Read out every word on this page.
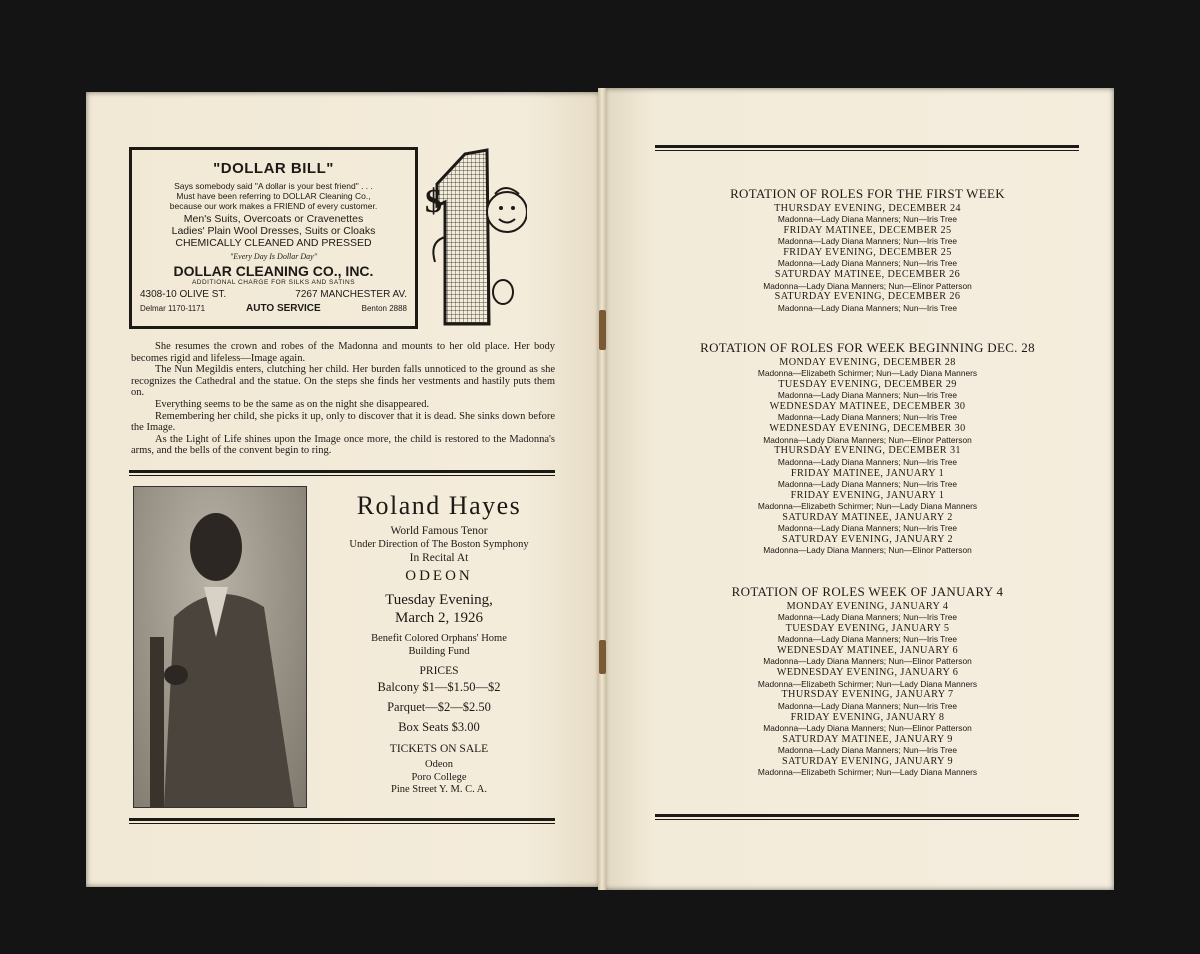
"DOLLAR BILL"
Says somebody said "A dollar is your best friend" . . .
Must have been referring to DOLLAR Cleaning Co.,
because our work makes a FRIEND of every customer.
Men's Suits, Overcoats or Cravenettes
Ladies' Plain Wool Dresses, Suits or Cloaks
CHEMICALLY CLEANED AND PRESSED
"Every Day Is Dollar Day"
DOLLAR CLEANING CO., INC.
ADDITIONAL CHARGE FOR SILKS AND SATINS
4308-10 OLIVE ST.	7267 MANCHESTER AV.
Delmar 1170-1171	AUTO SERVICE	Benton 2888
$

She resumes the crown and robes of the Madonna and mounts to her old place. Her body becomes rigid and lifeless—Image again.

The Nun Megildis enters, clutching her child. Her burden falls unnoticed to the ground as she recognizes the Cathedral and the statue. On the steps she finds her vestments and hastily puts them on.

Everything seems to be the same as on the night she disappeared.

Remembering her child, she picks it up, only to discover that it is dead. She sinks down before the Image.

As the Light of Life shines upon the Image once more, the child is restored to the Madonna's arms, and the bells of the convent begin to ring.

Roland Hayes
World Famous Tenor
Under Direction of The Boston Symphony
In Recital At
ODEON
Tuesday Evening,
March 2, 1926
Benefit Colored Orphans' Home
Building Fund
PRICES
Balcony $1—$1.50—$2
Parquet—$2—$2.50
Box Seats $3.00
TICKETS ON SALE
Odeon
Poro College
Pine Street Y. M. C. A.
ROTATION OF ROLES FOR THE FIRST WEEK
THURSDAY EVENING, DECEMBER 24
Madonna—Lady Diana Manners; Nun—Iris Tree
FRIDAY MATINEE, DECEMBER 25
Madonna—Lady Diana Manners; Nun—Iris Tree
FRIDAY EVENING, DECEMBER 25
Madonna—Lady Diana Manners; Nun—Iris Tree
SATURDAY MATINEE, DECEMBER 26
Madonna—Lady Diana Manners; Nun—Elinor Patterson
SATURDAY EVENING, DECEMBER 26
Madonna—Lady Diana Manners; Nun—Iris Tree
ROTATION OF ROLES FOR WEEK BEGINNING DEC. 28
MONDAY EVENING, DECEMBER 28
Madonna—Elizabeth Schirmer; Nun—Lady Diana Manners
TUESDAY EVENING, DECEMBER 29
Madonna—Lady Diana Manners; Nun—Iris Tree
WEDNESDAY MATINEE, DECEMBER 30
Madonna—Lady Diana Manners; Nun—Iris Tree
WEDNESDAY EVENING, DECEMBER 30
Madonna—Lady Diana Manners; Nun—Elinor Patterson
THURSDAY EVENING, DECEMBER 31
Madonna—Lady Diana Manners; Nun—Iris Tree
FRIDAY MATINEE, JANUARY 1
Madonna—Lady Diana Manners; Nun—Iris Tree
FRIDAY EVENING, JANUARY 1
Madonna—Elizabeth Schirmer; Nun—Lady Diana Manners
SATURDAY MATINEE, JANUARY 2
Madonna—Lady Diana Manners; Nun—Iris Tree
SATURDAY EVENING, JANUARY 2
Madonna—Lady Diana Manners; Nun—Elinor Patterson
ROTATION OF ROLES WEEK OF JANUARY 4
MONDAY EVENING, JANUARY 4
Madonna—Lady Diana Manners; Nun—Iris Tree
TUESDAY EVENING, JANUARY 5
Madonna—Lady Diana Manners; Nun—Iris Tree
WEDNESDAY MATINEE, JANUARY 6
Madonna—Lady Diana Manners; Nun—Elinor Patterson
WEDNESDAY EVENING, JANUARY 6
Madonna—Elizabeth Schirmer; Nun—Lady Diana Manners
THURSDAY EVENING, JANUARY 7
Madonna—Lady Diana Manners; Nun—Iris Tree
FRIDAY EVENING, JANUARY 8
Madonna—Lady Diana Manners; Nun—Elinor Patterson
SATURDAY MATINEE, JANUARY 9
Madonna—Lady Diana Manners; Nun—Iris Tree
SATURDAY EVENING, JANUARY 9
Madonna—Elizabeth Schirmer; Nun—Lady Diana Manners
